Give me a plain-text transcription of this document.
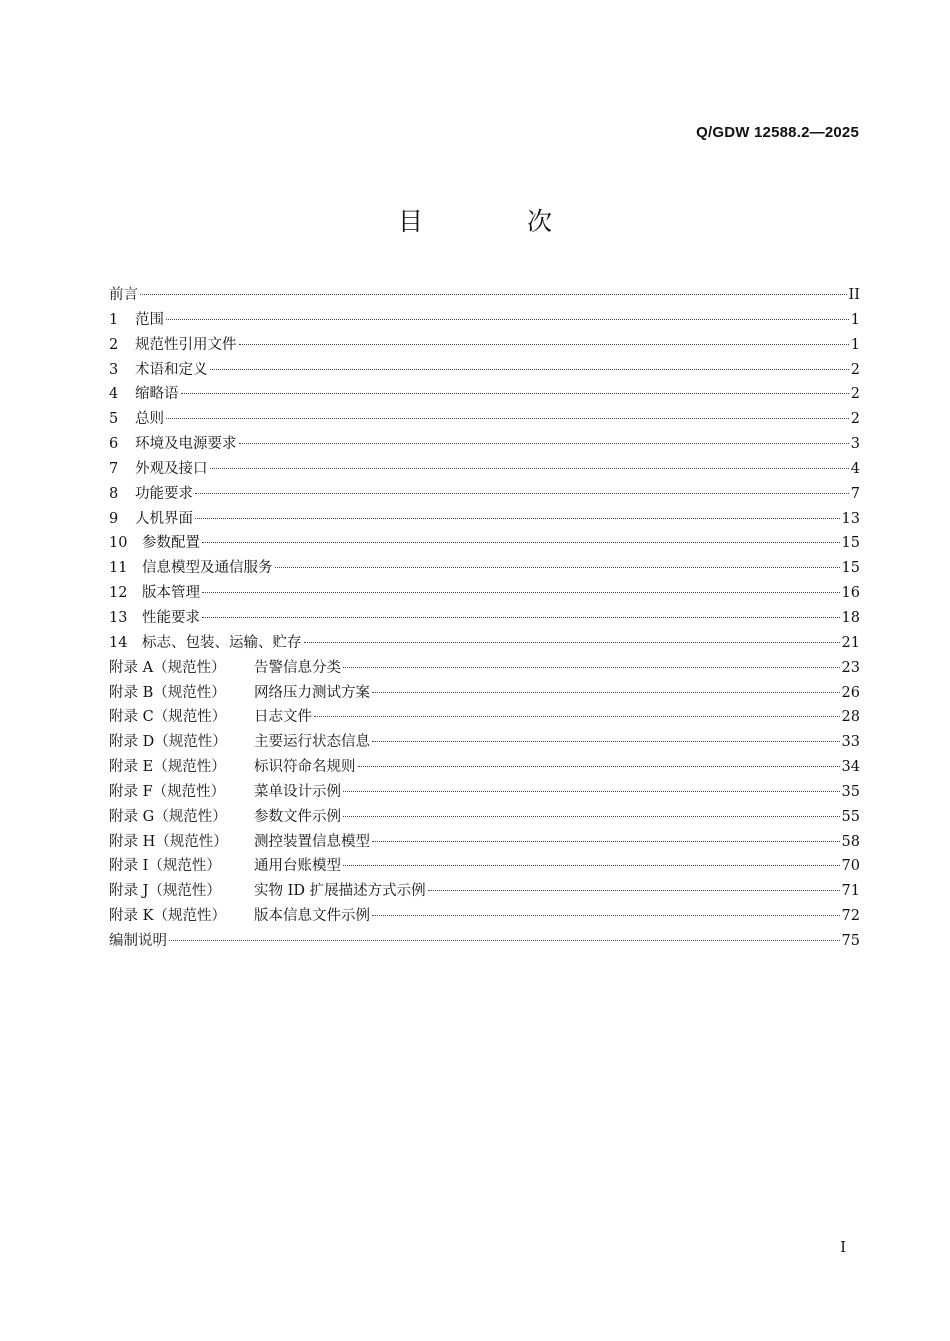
Q/GDW 12588.2—2025
目 次
前言	II
1	范围	1
2	规范性引用文件	1
3	术语和定义	2
4	缩略语	2
5	总则	2
6	环境及电源要求	3
7	外观及接口	4
8	功能要求	7
9	人机界面	13
10	参数配置	15
11	信息模型及通信服务	15
12	版本管理	16
13	性能要求	18
14	标志、包装、运输、贮存	21
附录 A（规范性）	告警信息分类	23
附录 B（规范性）	网络压力测试方案	26
附录 C（规范性）	日志文件	28
附录 D（规范性）	主要运行状态信息	33
附录 E（规范性）	标识符命名规则	34
附录 F（规范性）	菜单设计示例	35
附录 G（规范性）	参数文件示例	55
附录 H（规范性）	测控装置信息模型	58
附录 I（规范性）	通用台账模型	70
附录 J（规范性）	实物 ID 扩展描述方式示例	71
附录 K（规范性）	版本信息文件示例	72
编制说明	75
I
